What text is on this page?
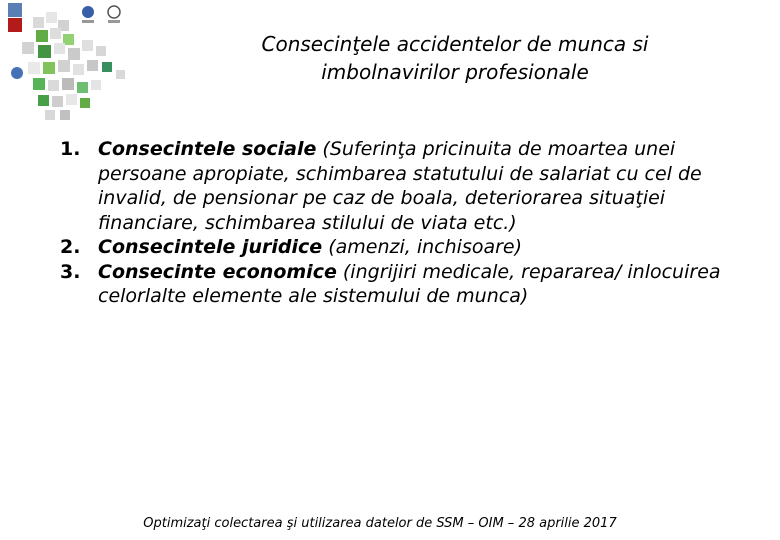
Consecinţele accidentelor de munca si
imbolnavirilor profesionale

1. Consecintele sociale (Suferinţa pricinuita de moartea unei persoane apropiate, schimbarea statutului de salariat cu cel de invalid, de pensionar pe caz de boala, deteriorarea situaţiei financiare, schimbarea stilului de viata etc.)

2. Consecintele juridice (amenzi, inchisoare)

3. Consecinte economice (ingrijiri medicale, repararea/ inlocuirea celorlalte elemente ale sistemului de munca)

Optimizaţi colectarea şi utilizarea datelor de SSM – OIM – 28 aprilie 2017
